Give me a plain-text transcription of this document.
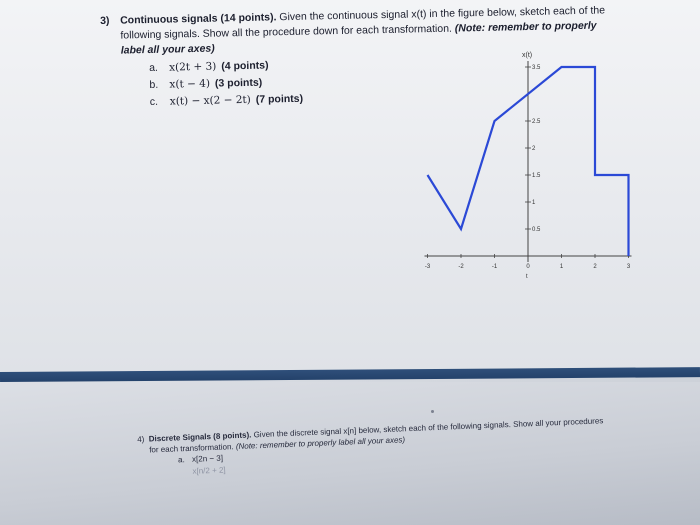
3) Continuous signals (14 points). Given the continuous signal x(t) in the figure below, sketch each of the following signals. Show all the procedure down for each transformation. (Note: remember to properly label all your axes)
a.	x(2t + 3) (4 points)
b.	x(t − 4) (3 points)
c.	x(t) − x(2 − 2t) (7 points)
-3	-2	-1	0	1	2	3
0.5
1
1.5
2
2.5
3.5
x(t)
t
4) Discrete Signals (8 points). Given the discrete signal x[n] below, sketch each of the following signals. Show all your procedures for each transformation. (Note: remember to properly label all your axes)
a. x[2n − 3]
x[n/2 + 2]
